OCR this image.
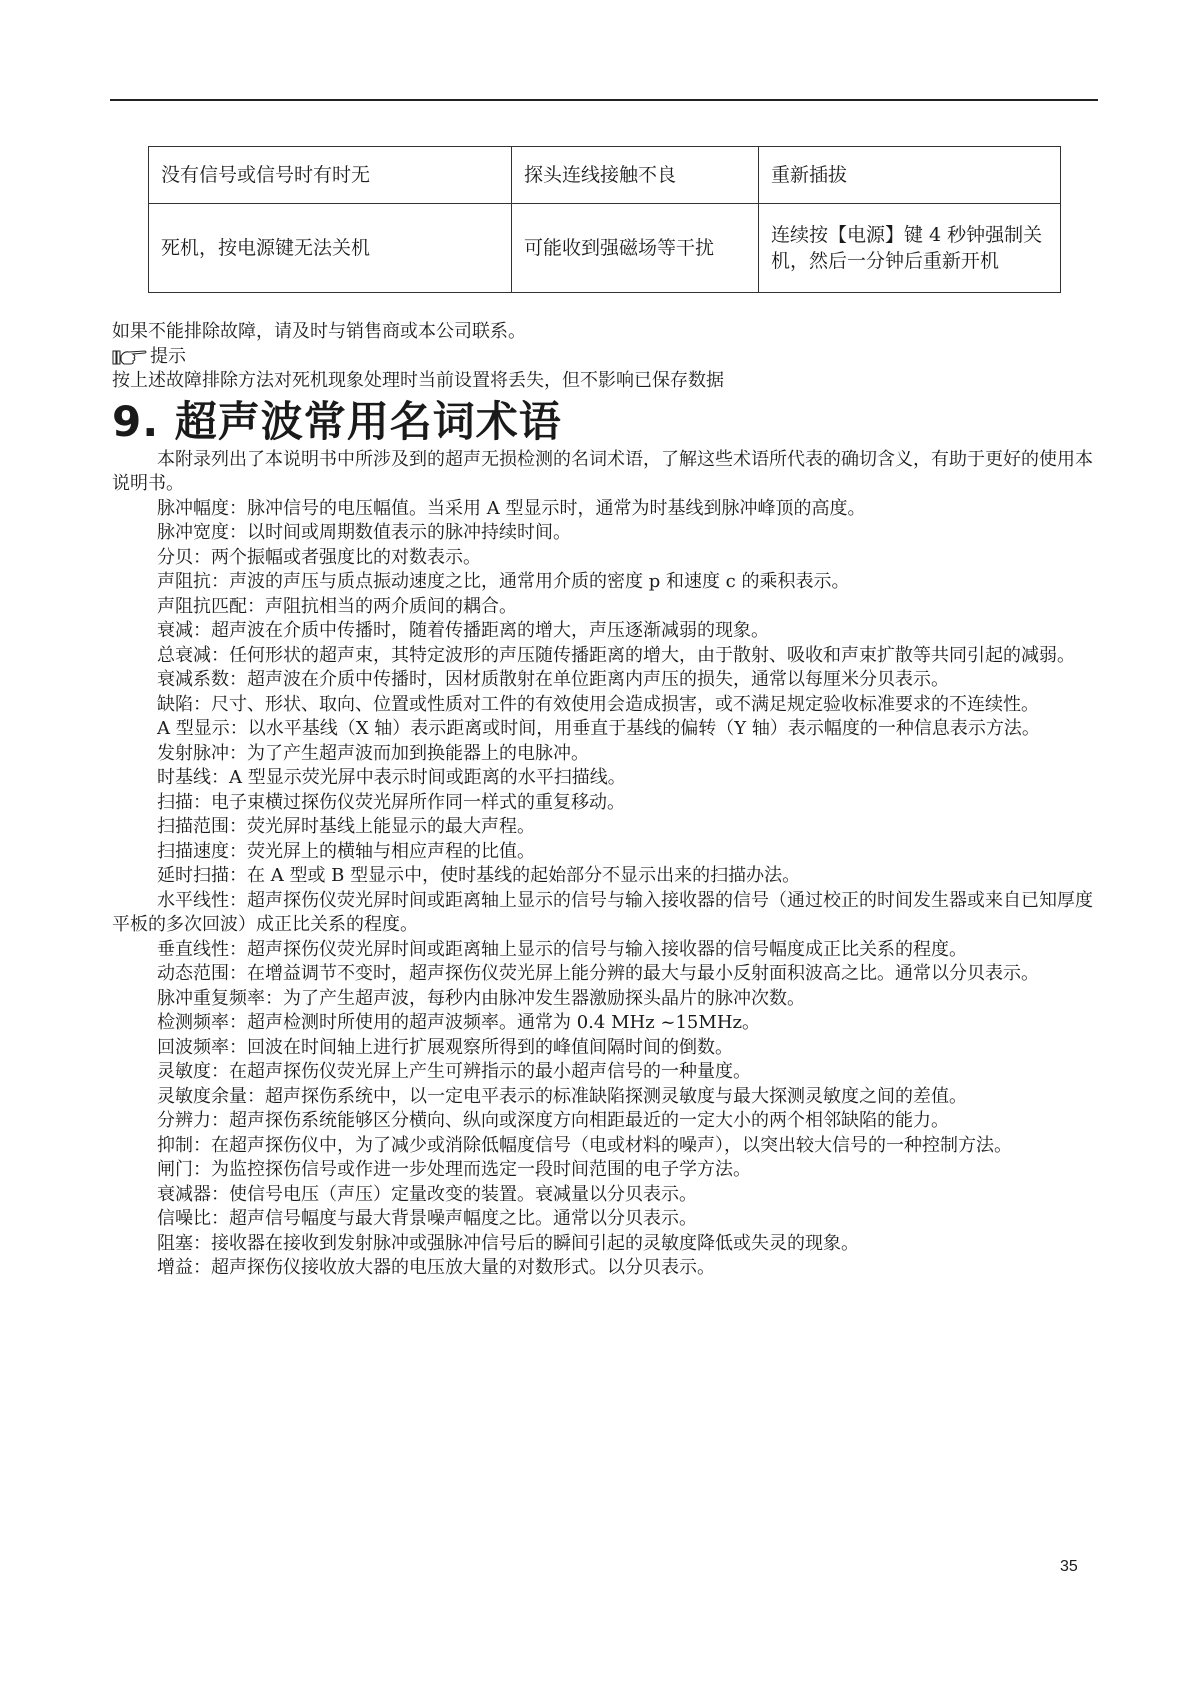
没有信号或信号时有时无	探头连线接触不良	重新插拔
死机，按电源键无法关机	可能收到强磁场等干扰	连续按【电源】键 4 秒钟强制关机，然后一分钟后重新开机

如果不能排除故障，请及时与销售商或本公司联系。

提示

按上述故障排除方法对死机现象处理时当前设置将丢失，但不影响已保存数据

9. 超声波常用名词术语

本附录列出了本说明书中所涉及到的超声无损检测的名词术语，了解这些术语所代表的确切含义，有助于更好的使用本说明书。

脉冲幅度：脉冲信号的电压幅值。当采用 A 型显示时，通常为时基线到脉冲峰顶的高度。

脉冲宽度：以时间或周期数值表示的脉冲持续时间。

分贝：两个振幅或者强度比的对数表示。

声阻抗：声波的声压与质点振动速度之比，通常用介质的密度 p 和速度 c 的乘积表示。

声阻抗匹配：声阻抗相当的两介质间的耦合。

衰减：超声波在介质中传播时，随着传播距离的增大，声压逐渐减弱的现象。

总衰减：任何形状的超声束，其特定波形的声压随传播距离的增大，由于散射、吸收和声束扩散等共同引起的减弱。

衰减系数：超声波在介质中传播时，因材质散射在单位距离内声压的损失，通常以每厘米分贝表示。

缺陷：尺寸、形状、取向、位置或性质对工件的有效使用会造成损害，或不满足规定验收标准要求的不连续性。

A 型显示：以水平基线（X 轴）表示距离或时间，用垂直于基线的偏转（Y 轴）表示幅度的一种信息表示方法。

发射脉冲：为了产生超声波而加到换能器上的电脉冲。

时基线：A 型显示荧光屏中表示时间或距离的水平扫描线。

扫描：电子束横过探伤仪荧光屏所作同一样式的重复移动。

扫描范围：荧光屏时基线上能显示的最大声程。

扫描速度：荧光屏上的横轴与相应声程的比值。

延时扫描：在 A 型或 B 型显示中，使时基线的起始部分不显示出来的扫描办法。

水平线性：超声探伤仪荧光屏时间或距离轴上显示的信号与输入接收器的信号（通过校正的时间发生器或来自已知厚度平板的多次回波）成正比关系的程度。

垂直线性：超声探伤仪荧光屏时间或距离轴上显示的信号与输入接收器的信号幅度成正比关系的程度。

动态范围：在增益调节不变时，超声探伤仪荧光屏上能分辨的最大与最小反射面积波高之比。通常以分贝表示。

脉冲重复频率：为了产生超声波，每秒内由脉冲发生器激励探头晶片的脉冲次数。

检测频率：超声检测时所使用的超声波频率。通常为 0.4 MHz ~15MHz。

回波频率：回波在时间轴上进行扩展观察所得到的峰值间隔时间的倒数。

灵敏度：在超声探伤仪荧光屏上产生可辨指示的最小超声信号的一种量度。

灵敏度余量：超声探伤系统中，以一定电平表示的标准缺陷探测灵敏度与最大探测灵敏度之间的差值。

分辨力：超声探伤系统能够区分横向、纵向或深度方向相距最近的一定大小的两个相邻缺陷的能力。

抑制：在超声探伤仪中，为了减少或消除低幅度信号（电或材料的噪声），以突出较大信号的一种控制方法。

闸门：为监控探伤信号或作进一步处理而选定一段时间范围的电子学方法。

衰减器：使信号电压（声压）定量改变的装置。衰减量以分贝表示。

信噪比：超声信号幅度与最大背景噪声幅度之比。通常以分贝表示。

阻塞：接收器在接收到发射脉冲或强脉冲信号后的瞬间引起的灵敏度降低或失灵的现象。

增益：超声探伤仪接收放大器的电压放大量的对数形式。以分贝表示。

35
